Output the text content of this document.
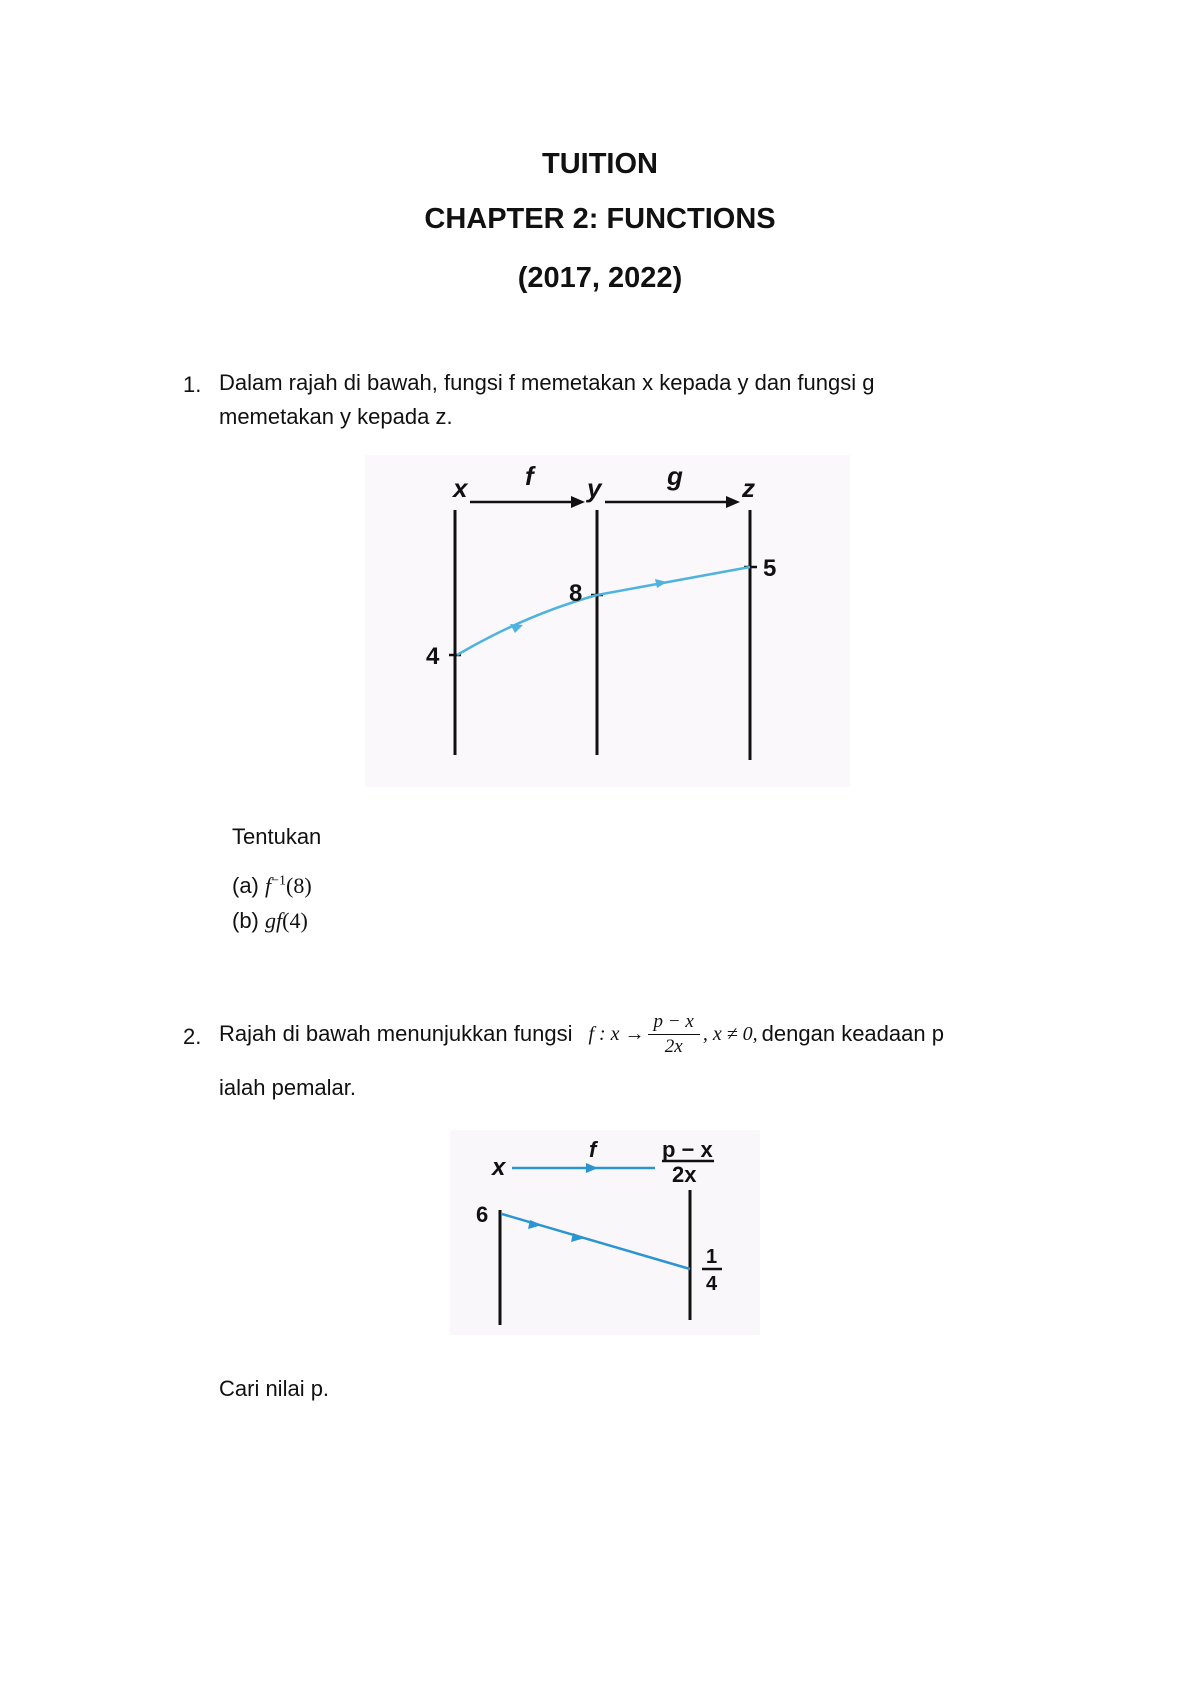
TUITION
CHAPTER 2: FUNCTIONS
(2017, 2022)
1. Dalam rajah di bawah, fungsi f memetakan x kepada y dan fungsi g
memetakan y kepada z.
x	y	z
f	g
4
8
5
Tentukan
(a) $f^{-1}(8)$
(b) gf(4)
2. Rajah di bawah menunjukkan fungsi f : $x \to \frac{p - x}{2x}$ , x ≠ 0, dengan keadaan p
ialah pemalar.
x
f	p − x
2x
6
1
4
Cari nilai p.
